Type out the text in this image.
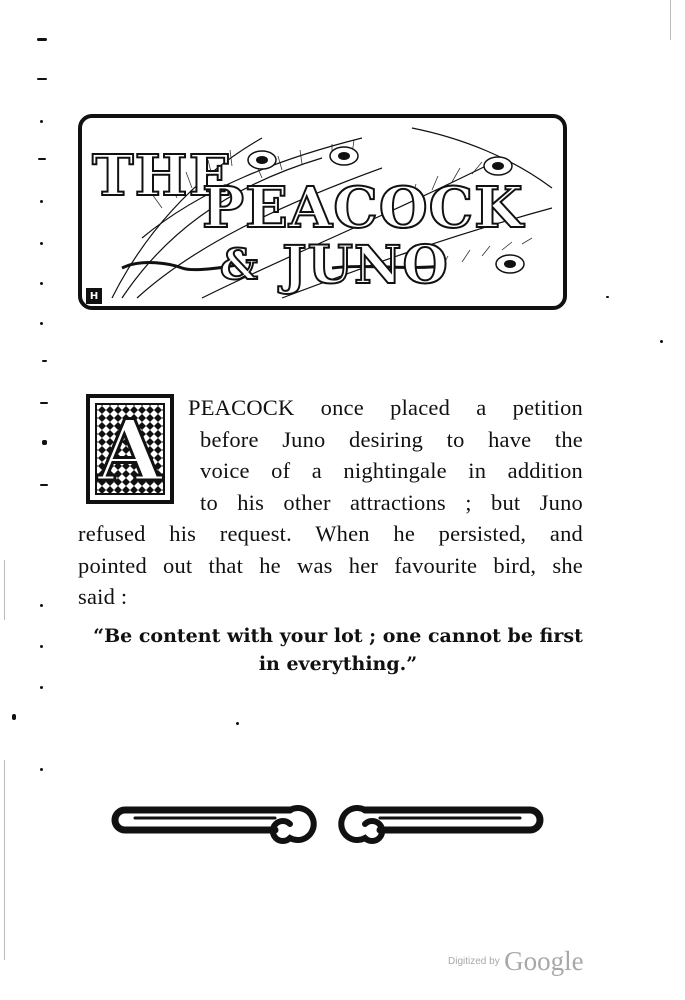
THE
PEACOCK
& JUNO
H
A	PEACOCK once placed a petition
before Juno desiring to have the
voice of a nightingale in addition
to his other attractions ; but Juno
refused his request. When he persisted, and
pointed out that he was her favourite bird, she
said :
“Be content with your lot ; one cannot be first
in everything.”
Digitized by Google
